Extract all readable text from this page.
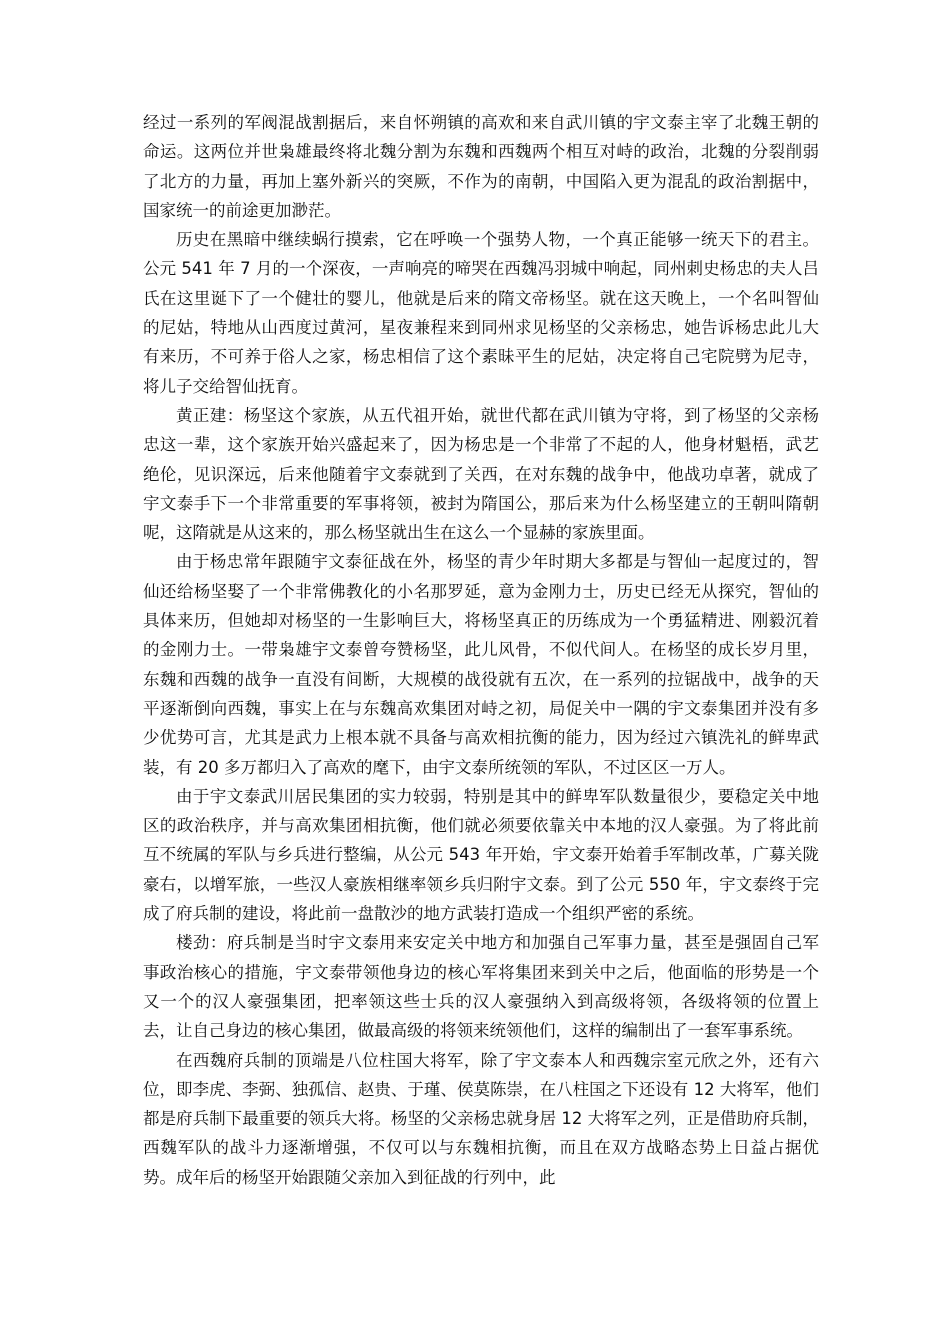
经过一系列的军阀混战割据后，来自怀朔镇的高欢和来自武川镇的宇文泰主宰了北魏王朝的命运。这两位并世枭雄最终将北魏分割为东魏和西魏两个相互对峙的政治，北魏的分裂削弱了北方的力量，再加上塞外新兴的突厥，不作为的南朝，中国陷入更为混乱的政治割据中，国家统一的前途更加渺茫。

历史在黑暗中继续蜗行摸索，它在呼唤一个强势人物，一个真正能够一统天下的君主。公元 541 年 7 月的一个深夜，一声响亮的啼哭在西魏冯羽城中响起，同州刺史杨忠的夫人吕氏在这里诞下了一个健壮的婴儿，他就是后来的隋文帝杨坚。就在这天晚上，一个名叫智仙的尼姑，特地从山西度过黄河，星夜兼程来到同州求见杨坚的父亲杨忠，她告诉杨忠此儿大有来历，不可养于俗人之家，杨忠相信了这个素昧平生的尼姑，决定将自己宅院劈为尼寺，将儿子交给智仙抚育。

黄正建：杨坚这个家族，从五代祖开始，就世代都在武川镇为守将，到了杨坚的父亲杨忠这一辈，这个家族开始兴盛起来了，因为杨忠是一个非常了不起的人，他身材魁梧，武艺绝伦，见识深远，后来他随着宇文泰就到了关西，在对东魏的战争中，他战功卓著，就成了宇文泰手下一个非常重要的军事将领，被封为隋国公，那后来为什么杨坚建立的王朝叫隋朝呢，这隋就是从这来的，那么杨坚就出生在这么一个显赫的家族里面。

由于杨忠常年跟随宇文泰征战在外，杨坚的青少年时期大多都是与智仙一起度过的，智仙还给杨坚娶了一个非常佛教化的小名那罗延，意为金刚力士，历史已经无从探究，智仙的具体来历，但她却对杨坚的一生影响巨大，将杨坚真正的历练成为一个勇猛精进、刚毅沉着的金刚力士。一带枭雄宇文泰曾夸赞杨坚，此儿风骨，不似代间人。在杨坚的成长岁月里，东魏和西魏的战争一直没有间断，大规模的战役就有五次，在一系列的拉锯战中，战争的天平逐渐倒向西魏，事实上在与东魏高欢集团对峙之初，局促关中一隅的宇文泰集团并没有多少优势可言，尤其是武力上根本就不具备与高欢相抗衡的能力，因为经过六镇洗礼的鲜卑武装，有 20 多万都归入了高欢的麾下，由宇文泰所统领的军队，不过区区一万人。

由于宇文泰武川居民集团的实力较弱，特别是其中的鲜卑军队数量很少，要稳定关中地区的政治秩序，并与高欢集团相抗衡，他们就必须要依靠关中本地的汉人豪强。为了将此前互不统属的军队与乡兵进行整编，从公元 543 年开始，宇文泰开始着手军制改革，广募关陇豪右，以增军旅，一些汉人豪族相继率领乡兵归附宇文泰。到了公元 550 年，宇文泰终于完成了府兵制的建设，将此前一盘散沙的地方武装打造成一个组织严密的系统。

楼劲：府兵制是当时宇文泰用来安定关中地方和加强自己军事力量，甚至是强固自己军事政治核心的措施，宇文泰带领他身边的核心军将集团来到关中之后，他面临的形势是一个又一个的汉人豪强集团，把率领这些士兵的汉人豪强纳入到高级将领，各级将领的位置上去，让自己身边的核心集团，做最高级的将领来统领他们，这样的编制出了一套军事系统。

在西魏府兵制的顶端是八位柱国大将军，除了宇文泰本人和西魏宗室元欣之外，还有六位，即李虎、李弼、独孤信、赵贵、于瑾、侯莫陈崇，在八柱国之下还设有 12 大将军，他们都是府兵制下最重要的领兵大将。杨坚的父亲杨忠就身居 12 大将军之列，正是借助府兵制，西魏军队的战斗力逐渐增强，不仅可以与东魏相抗衡，而且在双方战略态势上日益占据优势。成年后的杨坚开始跟随父亲加入到征战的行列中，此
